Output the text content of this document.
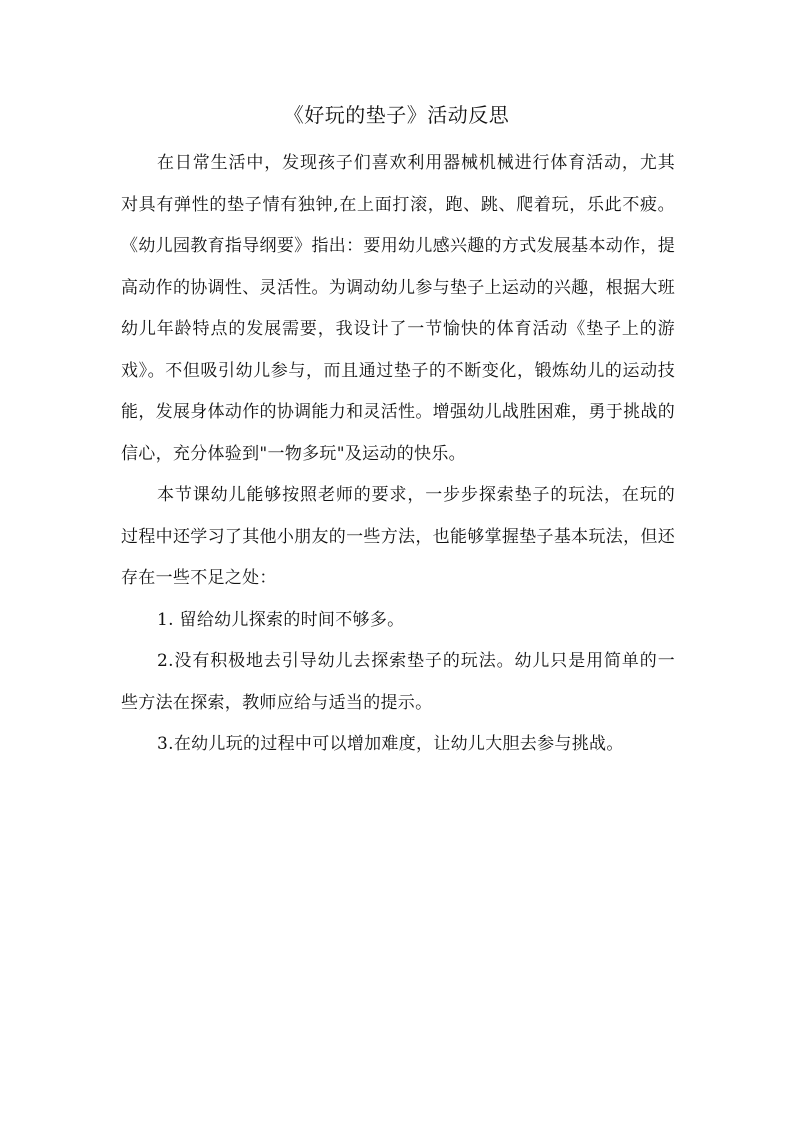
《好玩的垫子》活动反思

在日常生活中，发现孩子们喜欢利用器械机械进行体育活动，尤其对具有弹性的垫子情有独钟,在上面打滚，跑、跳、爬着玩，乐此不疲。《幼儿园教育指导纲要》指出：要用幼儿感兴趣的方式发展基本动作，提高动作的协调性、灵活性。为调动幼儿参与垫子上运动的兴趣，根据大班幼儿年龄特点的发展需要，我设计了一节愉快的体育活动《垫子上的游戏》。不但吸引幼儿参与，而且通过垫子的不断变化，锻炼幼儿的运动技能，发展身体动作的协调能力和灵活性。增强幼儿战胜困难，勇于挑战的信心，充分体验到"一物多玩"及运动的快乐。

本节课幼儿能够按照老师的要求，一步步探索垫子的玩法，在玩的过程中还学习了其他小朋友的一些方法，也能够掌握垫子基本玩法，但还存在一些不足之处：

1. 留给幼儿探索的时间不够多。

2.没有积极地去引导幼儿去探索垫子的玩法。幼儿只是用简单的一些方法在探索，教师应给与适当的提示。

3.在幼儿玩的过程中可以增加难度，让幼儿大胆去参与挑战。
